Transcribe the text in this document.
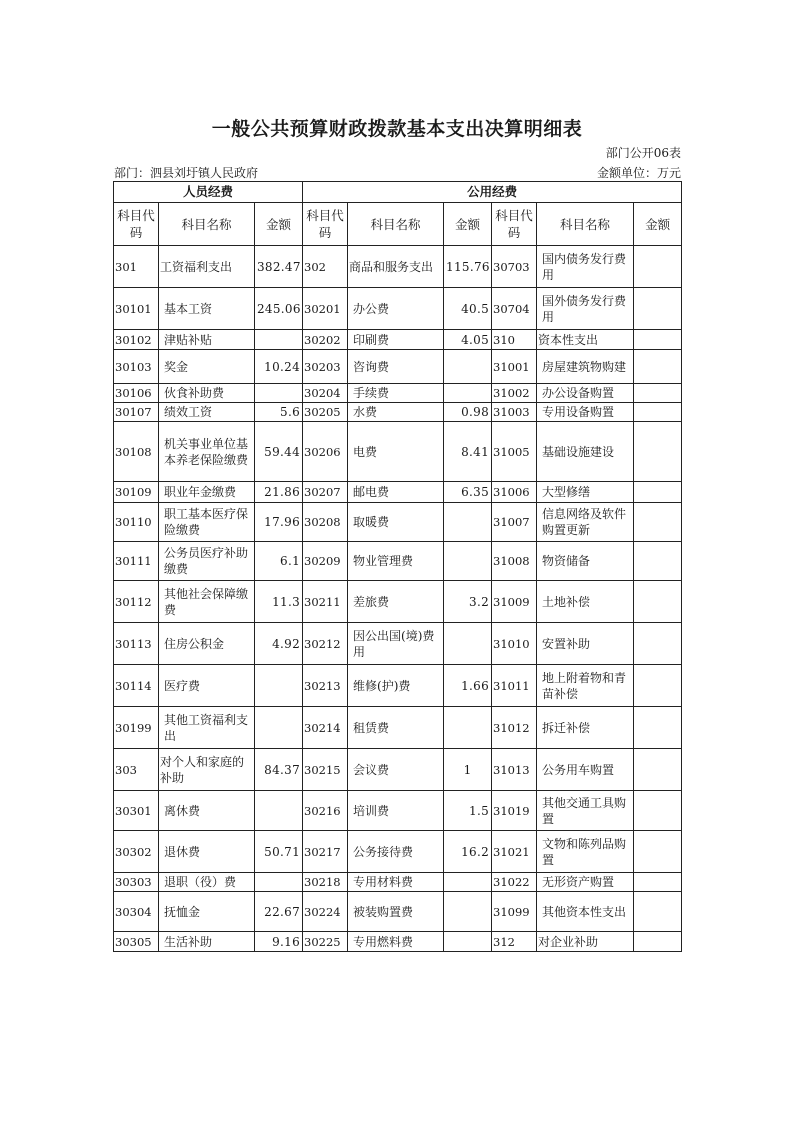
一般公共预算财政拨款基本支出决算明细表
部门公开06表
部门：泗县刘圩镇人民政府	金额单位：万元
人员经费			公用经费					
科目代码	科目名称	金额	科目代码	科目名称	金额	科目代码	科目名称	金额
301	工资福利支出	382.47	302	商品和服务支出	115.76	30703	国内债务发行费用	
30101	基本工资	245.06	30201	办公费	40.5	30704	国外债务发行费用	
30102	津贴补贴		30202	印刷费	4.05	310	资本性支出	
30103	奖金	10.24	30203	咨询费		31001	房屋建筑物购建	
30106	伙食补助费		30204	手续费		31002	办公设备购置	
30107	绩效工资	5.6	30205	水费	0.98	31003	专用设备购置	
30108	机关事业单位基本养老保险缴费	59.44	30206	电费	8.41	31005	基础设施建设	
30109	职业年金缴费	21.86	30207	邮电费	6.35	31006	大型修缮	
30110	职工基本医疗保险缴费	17.96	30208	取暖费		31007	信息网络及软件购置更新	
30111	公务员医疗补助缴费	6.1	30209	物业管理费		31008	物资储备	
30112	其他社会保障缴费	11.3	30211	差旅费	3.2	31009	土地补偿	
30113	住房公积金	4.92	30212	因公出国(境)费用		31010	安置补助	
30114	医疗费		30213	维修(护)费	1.66	31011	地上附着物和青苗补偿	
30199	其他工资福利支出		30214	租赁费		31012	拆迁补偿	
303	对个人和家庭的补助	84.37	30215	会议费	1	31013	公务用车购置	
30301	离休费		30216	培训费	1.5	31019	其他交通工具购置	
30302	退休费	50.71	30217	公务接待费	16.2	31021	文物和陈列品购置	
30303	退职（役）费		30218	专用材料费		31022	无形资产购置	
30304	抚恤金	22.67	30224	被装购置费		31099	其他资本性支出	
30305	生活补助	9.16	30225	专用燃料费		312	对企业补助	
